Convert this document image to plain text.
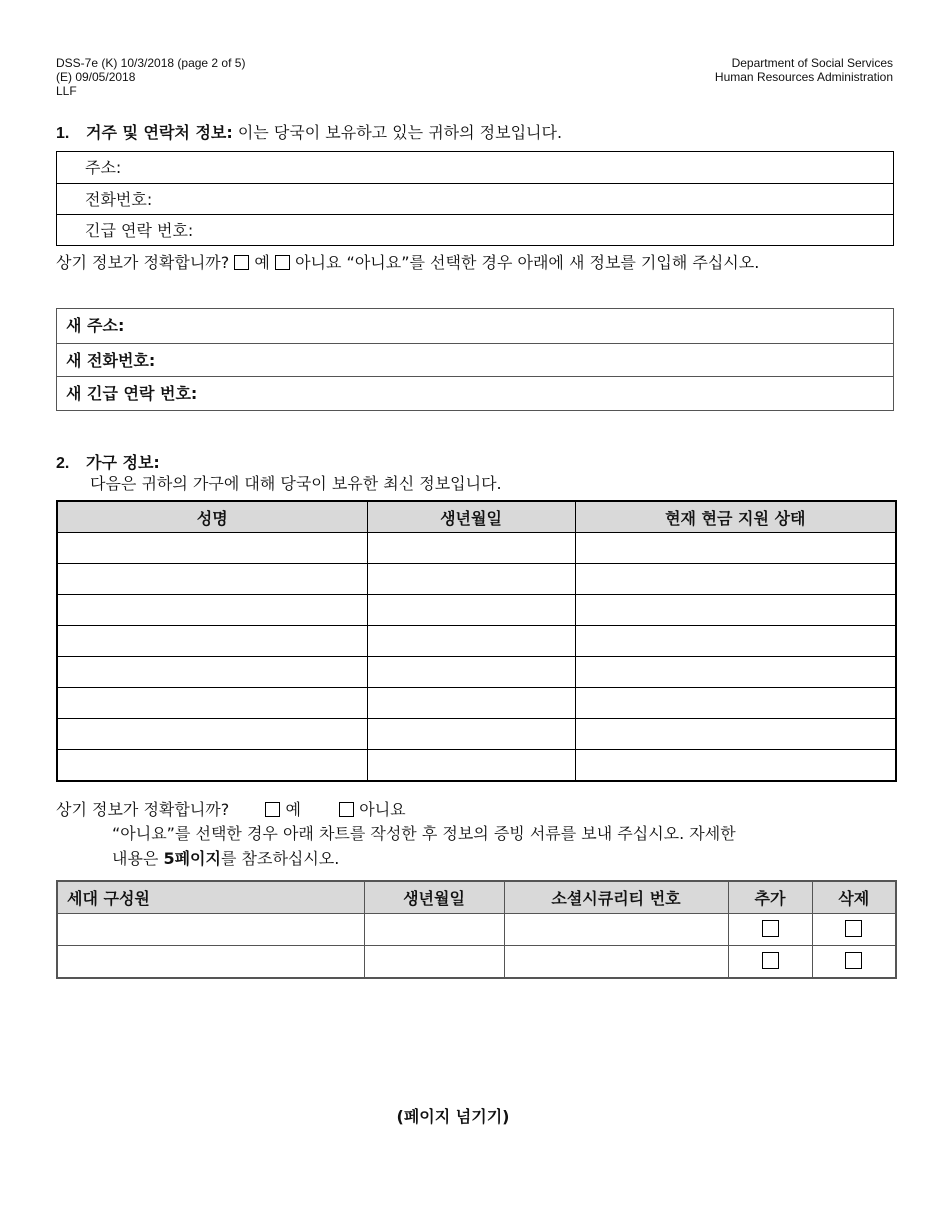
DSS-7e (K) 10/3/2018 (page 2 of 5)
(E) 09/05/2018
LLF
Department of Social Services
Human Resources Administration
1. 거주 및 연락처 정보: 이는 당국이 보유하고 있는 귀하의 정보입니다.
주소:
전화번호:
긴급 연락 번호:
상기 정보가 정확합니까? 예 아니요 “아니요”를 선택한 경우 아래에 새 정보를 기입해 주십시오.
새 주소:
새 전화번호:
새 긴급 연락 번호:
2. 가구 정보:
다음은 귀하의 가구에 대해 당국이 보유한 최신 정보입니다.
성명	생년월일	현재 현금 지원 상태

상기 정보가 정확합니까?	예	아니요
“아니요”를 선택한 경우 아래 차트를 작성한 후 정보의 증빙 서류를 보내 주십시오. 자세한
내용은 5페이지를 참조하십시오.
세대 구성원	생년월일	소셜시큐리티 번호	추가	삭제

(페이지 넘기기)
